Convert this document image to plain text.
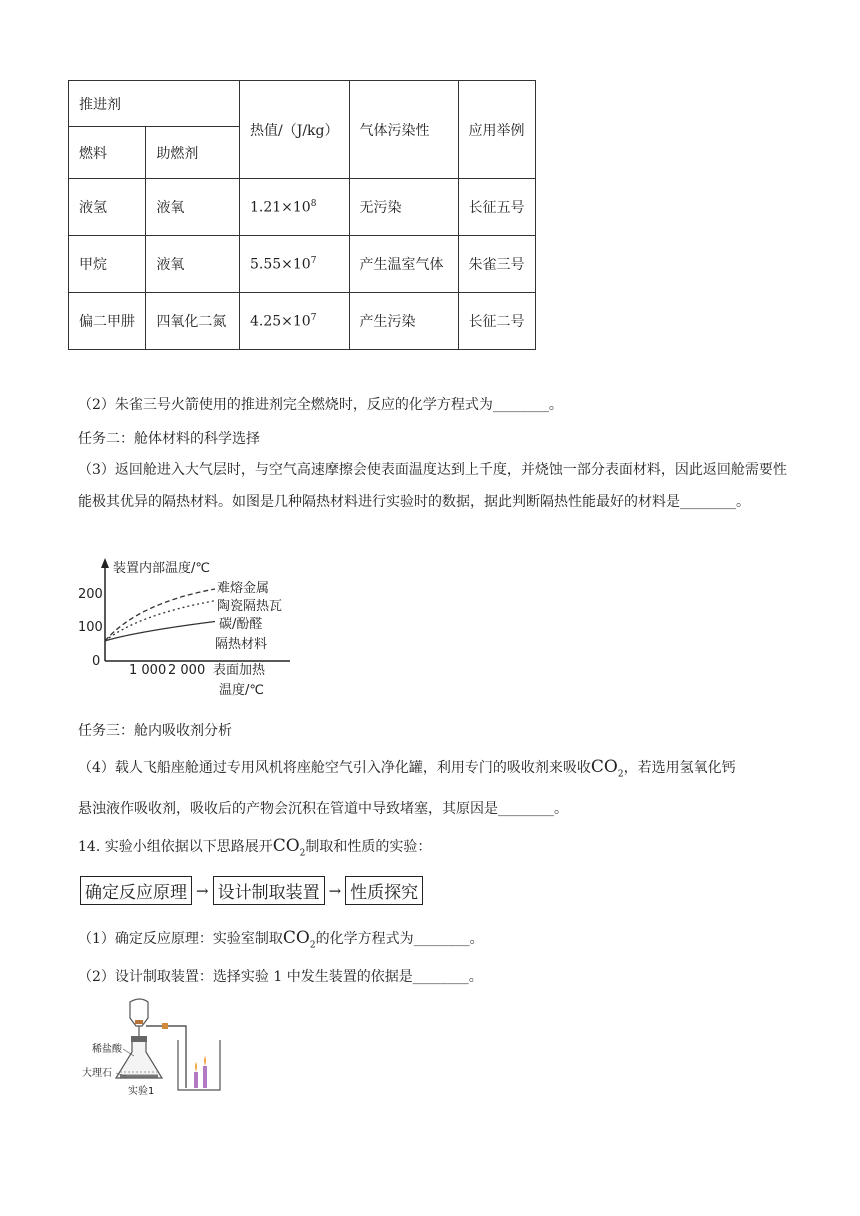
推进剂		热值/（J/kg）	气体污染性	应用举例
燃料	助燃剂			
液氢	液氧	$1.21\times 10^8$	无污染	长征五号
甲烷	液氧	$5.55\times 10^7$	产生温室气体	朱雀三号
偏二甲肼	四氧化二氮	$4.25\times 10^7$	产生污染	长征二号
（2）朱雀三号火箭使用的推进剂完全燃烧时，反应的化学方程式为________。
任务二：舱体材料的科学选择
（3）返回舱进入大气层时，与空气高速摩擦会使表面温度达到上千度，并烧蚀一部分表面材料，因此返回舱需要性能极其优异的隔热材料。如图是几种隔热材料进行实验时的数据，据此判断隔热性能最好的材料是________。
装置内部温度/℃
200
100
0
1 000 2 000 表面加热
温度/℃
难熔金属
陶瓷隔热瓦
碳/酚醛
隔热材料
任务三：舱内吸收剂分析
（4）载人飞船座舱通过专用风机将座舱空气引入净化罐，利用专门的吸收剂来吸收$CO_2$，若选用氢氧化钙
悬浊液作吸收剂，吸收后的产物会沉积在管道中导致堵塞，其原因是________。
14. 实验小组依据以下思路展开$CO_2$制取和性质的实验：
确定反应原理 → 设计制取装置 → 性质探究
（1）确定反应原理：实验室制取$CO_2$的化学方程式为________。
（2）设计制取装置：选择实验 1 中发生装置的依据是________。
稀盐酸
大理石
实验1
